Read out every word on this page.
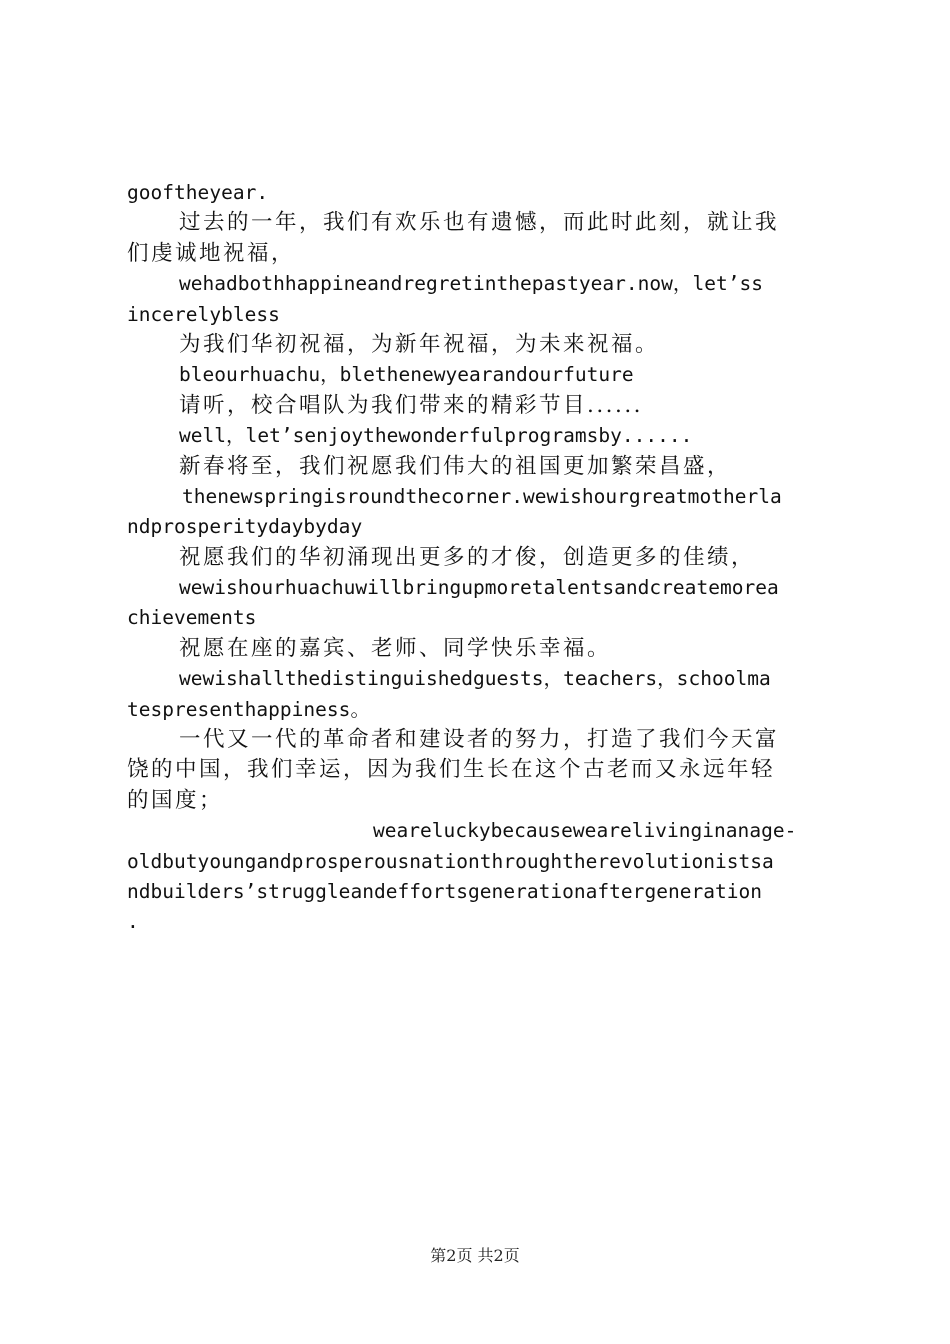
gooftheyear.
过去的一年，我们有欢乐也有遗憾，而此时此刻，就让我
们虔诚地祝福，
wehadbothhappineandregretinthepastyear.now，let’ss
incerelybless
为我们华初祝福，为新年祝福，为未来祝福。
bleourhuachu，blethenewyearandourfuture
请听，校合唱队为我们带来的精彩节目......
well，let’senjoythewonderfulprogramsby......
新春将至，我们祝愿我们伟大的祖国更加繁荣昌盛，
thenewspringisroundthecorner.wewishourgreatmotherla
ndprosperitydaybyday
祝愿我们的华初涌现出更多的才俊，创造更多的佳绩，
wewishourhuachuwillbringupmoretalentsandcreatemorea
chievements
祝愿在座的嘉宾、老师、同学快乐幸福。
wewishallthedistinguishedguests，teachers，schoolma
tespresenthappiness。
一代又一代的革命者和建设者的努力，打造了我们今天富
饶的中国，我们幸运，因为我们生长在这个古老而又永远年轻
的国度；
weareluckybecausewearelivinginanage-
oldbutyoungandprosperousnationthroughtherevolutionistsa
ndbuilders’struggleandeffortsgenerationaftergeneration
.
第2页 共2页
